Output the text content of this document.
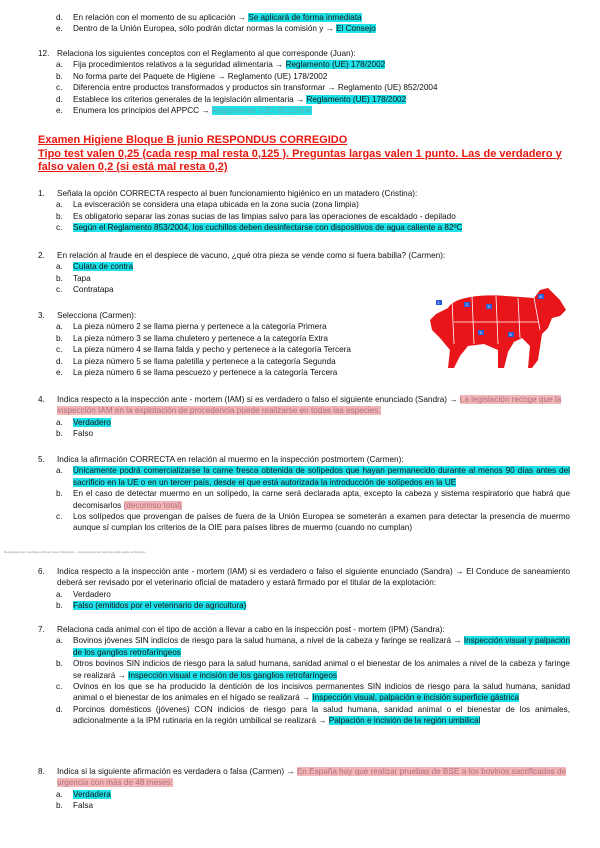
d. En relación con el momento de su aplicación → Se aplicará de forma inmediata
e. Dentro de la Unión Europea, sólo podrán dictar normas la comisión y → El Consejo
12. Relaciona los siguientes conceptos con el Reglamento al que corresponde (Juan):
a. Fija procedimientos relativos a la seguridad alimentaria → Reglamento (UE) 178/2002
b. No forma parte del Paquete de Higiene → Reglamento (UE) 178/2002
c. Diferencia entre productos transformados y productos sin transformar → Reglamento (UE) 852/2004
d. Establece los criterios generales de la legislación alimentaria → Reglamento (UE) 178/2002
e. Enumera los principios del APPCC → Reglamento (UE) 852/2004
Examen Higiene Bloque B junio RESPONDUS CORREGIDO
Tipo test valen 0,25 (cada resp mal resta 0,125 ). Preguntas largas valen 1 punto. Las de verdadero y falso valen 0,2 (si está mal resta 0,2)
1.	Señala la opción CORRECTA respecto al buen funcionamiento higiénico en un matadero (Cristina):
a. La evisceración se considera una etapa ubicada en la zona sucia (zona limpia)
b. Es obligatorio separar las zonas sucias de las limpias salvo para las operaciones de escaldado - depilado
c. Según el Reglamento 853/2004, los cuchillos deben desinfectarse con dispositivos de agua caliente a 82ºC
2.	En relación al fraude en el despiece de vacuno, ¿qué otra pieza se vende como si fuera babilla? (Carmen):
a. Culata de contra
b. Tapa
c. Contratapa
3.	Selecciona (Carmen):
a. La pieza número 2 se llama pierna y pertenece a la categoría Primera
b. La pieza número 3 se llama chuletero y pertenece a la categoría Extra
c. La pieza número 4 se llama falda y pecho y pertenece a la categoría Tercera
d. La pieza número 5 se llama paletilla y pertenece a la categoría Segunda
e. La pieza número 6 se llama pescuezo y pertenece a la categoría Tercera
1	2	3
6
4	5
4.	Indica respecto a la inspección ante - mortem (IAM) si es verdadero o falso el siguiente enunciado (Sandra) → La legislación recoge que la inspección IAM en la explotación de procedencia puede realizarse en todas las especies.
a. Verdadero
b. Falso
5.	Indica la afirmación CORRECTA en relación al muermo en la inspección postmortem (Carmen):
a. Únicamente podrá comercializarse la carne fresca obtenida de solípedos que hayan permanecido durante al menos 90 días antes del sacrificio en la UE o en un tercer país, desde el que está autorizada la introducción de solípedos en la UE
b. En el caso de detectar muermo en un solípedo, la carne será declarada apta, excepto la cabeza y sistema respiratorio que habrá que decomisarlos (decomiso total)
c. Los solípedos que provengan de países de fuera de la Unión Europea se someterán a examen para detectar la presencia de muermo aunque sí cumplan los criterios de la OIE para países libres de muermo (cuando no cumplan)
Descargado por Luis Manuel Perez Lopez (Studocu) — Este documento está disponible gratis en Studocu
6.	Indica respecto a la inspección ante - mortem (IAM) si es verdadero o falso el siguiente enunciado (Sandra) → El Conduce de saneamiento deberá ser revisado por el veterinario oficial de matadero y estará firmado por el titular de la explotación:
a. Verdadero
b. Falso (emitidos por el veterinario de agricultura)
7.	Relaciona cada animal con el tipo de acción a llevar a cabo en la inspección post - mortem (IPM) (Sandra):
a. Bovinos jóvenes SIN indicios de riesgo para la salud humana, a nivel de la cabeza y faringe se realizará → Inspección visual y palpación de los ganglios retrofaríngeos
b. Otros bovinos SIN indicios de riesgo para la salud humana, sanidad animal o el bienestar de los animales a nivel de la cabeza y faringe se realizará → Inspección visual e incisión de los ganglios retrofaríngeos
c. Ovinos en los que se ha producido la dentición de los incisivos permanentes SIN indicios de riesgo para la salud humana, sanidad animal o el bienestar de los animales en el hígado se realizará → Inspección visual, palpación e incisión superficie gástrica
d. Porcinos domésticos (jóvenes) CON indicios de riesgo para la salud humana, sanidad animal o el bienestar de los animales, adicionalmente a la IPM rutinaria en la región umbilical se realizará → Palpación e incisión de la región umbilical
8.	Indica si la siguiente afirmación es verdadera o falsa (Carmen) → En España hay que realizar pruebas de BSE a los bovinos sacrificados de urgencia con más de 48 meses:
a. Verdadera
b. Falsa
